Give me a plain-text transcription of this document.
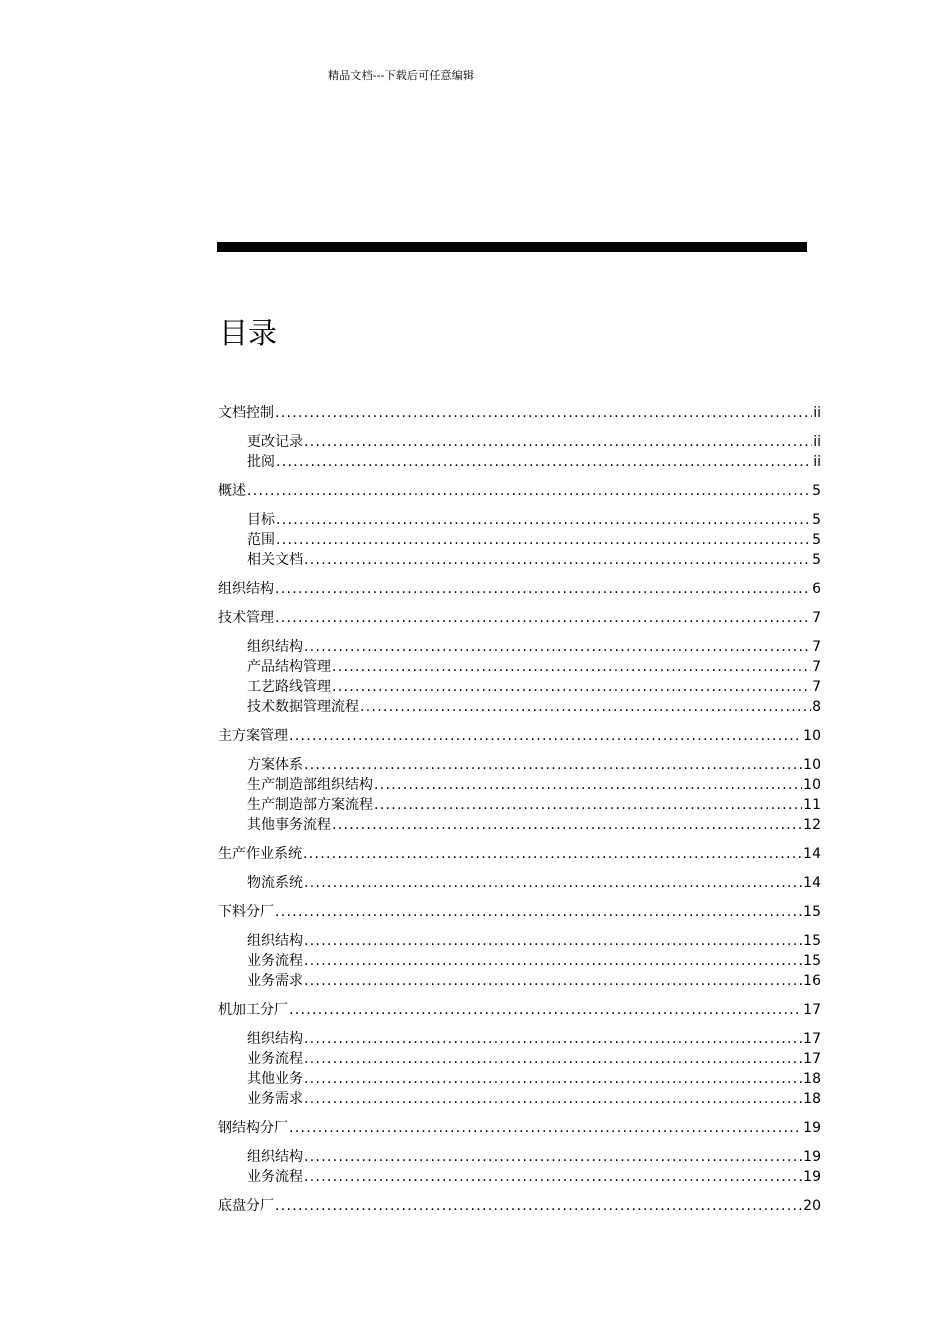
精品文档---下载后可任意编辑
目录
文档控制 .....	ii
更改记录 .....	ii
批阅 .....	ii
概述 .....	5
目标 .....	5
范围 .....	5
相关文档 .....	5
组织结构 .....	6
技术管理 .....	7
组织结构 .....	7
产品结构管理 .....	7
工艺路线管理 .....	7
技术数据管理流程 .....	8
主方案管理 .....	10
方案体系 .....	10
生产制造部组织结构 .....	10
生产制造部方案流程 .....	11
其他事务流程 .....	12
生产作业系统 .....	14
物流系统 .....	14
下料分厂 .....	15
组织结构 .....	15
业务流程 .....	15
业务需求 .....	16
机加工分厂 .....	17
组织结构 .....	17
业务流程 .....	17
其他业务 .....	18
业务需求 .....	18
钢结构分厂 .....	19
组织结构 .....	19
业务流程 .....	19
底盘分厂 .....	20
